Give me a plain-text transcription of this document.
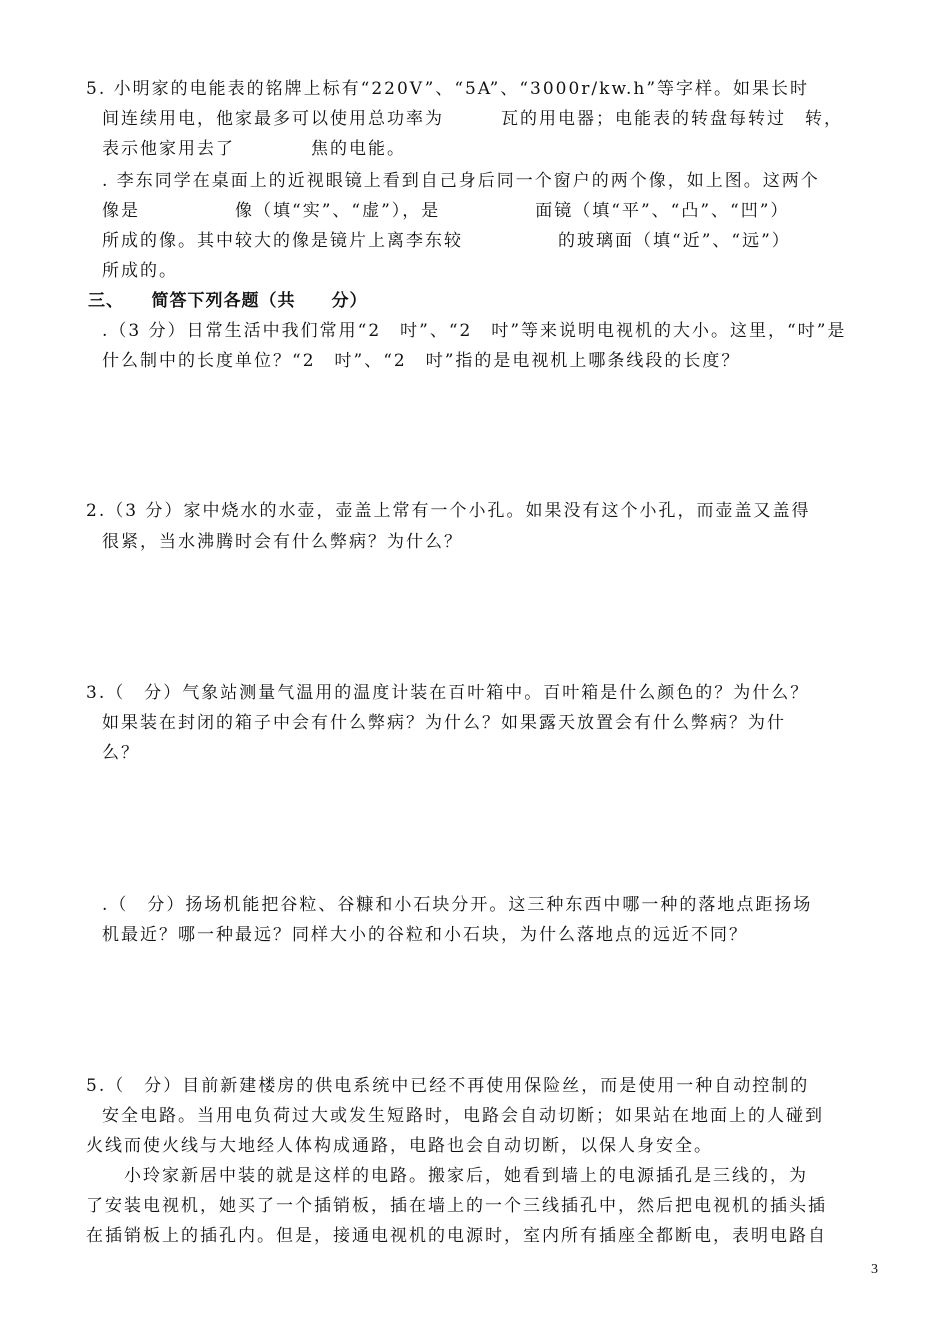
5. 小明家的电能表的铭牌上标有“220V”、“5A”、“3000r/kw.h”等字样。如果长时
间连续用电，他家最多可以使用总功率为　　　瓦的用电器；电能表的转盘每转过　转，
表示他家用去了　　　　焦的电能。
. 李东同学在桌面上的近视眼镜上看到自己身后同一个窗户的两个像，如上图。这两个
像是　　　　　像（填“实”、“虚”），是　　　　　面镜（填“平”、“凸”、“凹”）
所成的像。其中较大的像是镜片上离李东较　　　　　的玻璃面（填“近”、“远”）
所成的。
三、　　简答下列各题（共　　分）
.（3 分）日常生活中我们常用“2　吋”、“2　吋”等来说明电视机的大小。这里，“吋”是
什么制中的长度单位？“2　吋”、“2　吋”指的是电视机上哪条线段的长度？
2.（3 分）家中烧水的水壶，壶盖上常有一个小孔。如果没有这个小孔，而壶盖又盖得
很紧，当水沸腾时会有什么弊病？为什么？
3.（　分）气象站测量气温用的温度计装在百叶箱中。百叶箱是什么颜色的？为什么？
如果装在封闭的箱子中会有什么弊病？为什么？如果露天放置会有什么弊病？为什
么？
.（　分）扬场机能把谷粒、谷糠和小石块分开。这三种东西中哪一种的落地点距扬场
机最近？哪一种最远？同样大小的谷粒和小石块，为什么落地点的远近不同？
5.（　分）目前新建楼房的供电系统中已经不再使用保险丝，而是使用一种自动控制的
安全电路。当用电负荷过大或发生短路时，电路会自动切断；如果站在地面上的人碰到
火线而使火线与大地经人体构成通路，电路也会自动切断，以保人身安全。
小玲家新居中装的就是这样的电路。搬家后，她看到墙上的电源插孔是三线的，为
了安装电视机，她买了一个插销板，插在墙上的一个三线插孔中，然后把电视机的插头插
在插销板上的插孔内。但是，接通电视机的电源时，室内所有插座全都断电，表明电路自
3
